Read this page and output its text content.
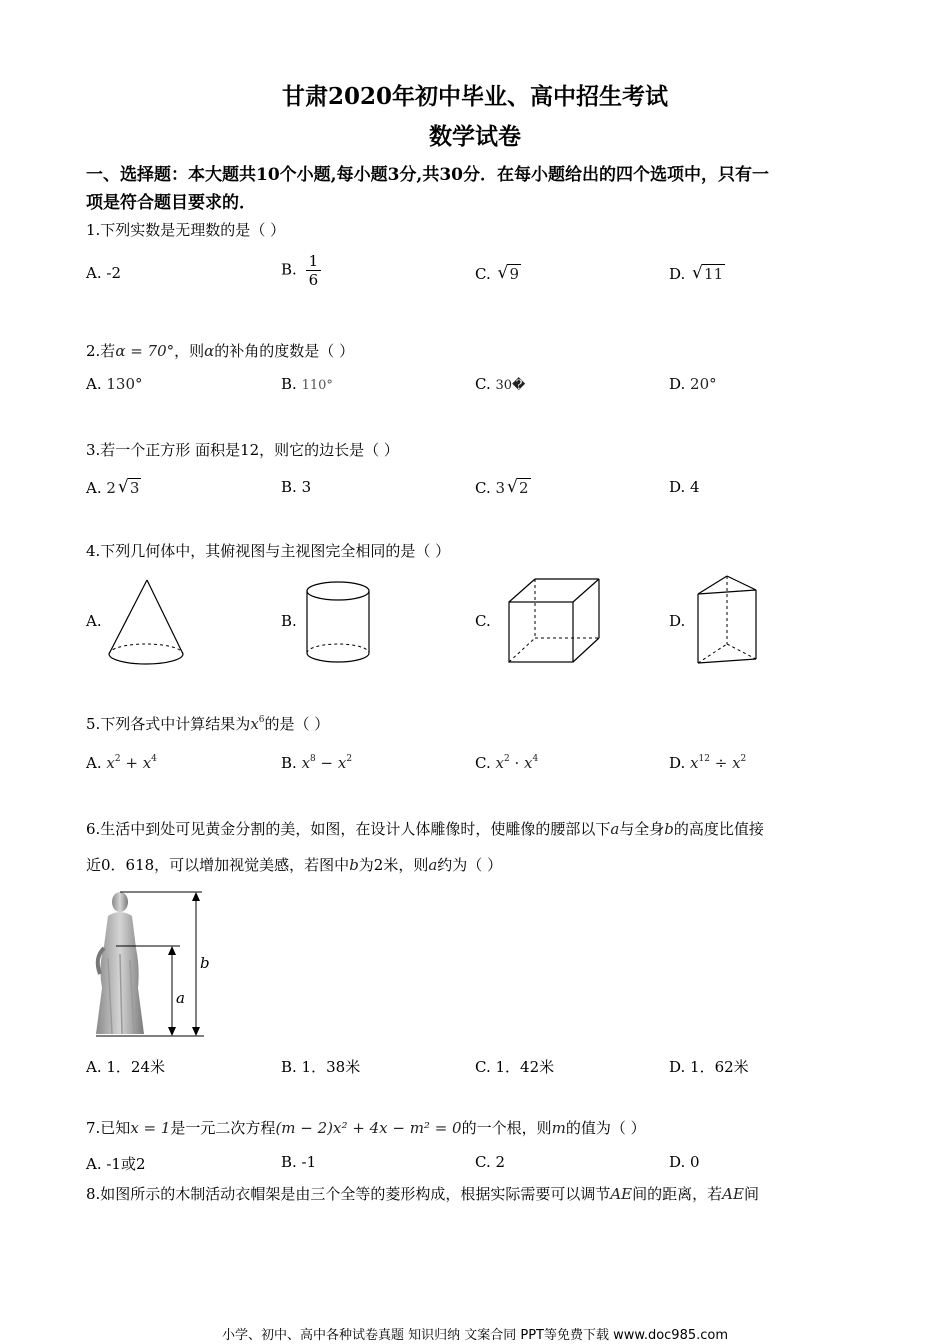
甘肃2020年初中毕业、高中招生考试
数学试卷
一、选择题：本大题共10个小题,每小题3分,共30分．在每小题给出的四个选项中，只有一
项是符合题目要求的．
1.下列实数是无理数的是（ ）
A. -2	B. $\frac{1}{6}$	C. √ 9	D. √ 11
2.若α = 70°，则α的补角的度数是（ ）
A. 130°	B. 110°	C. 30�	D. 20°
3.若一个正方形 面积是12，则它的边长是（ ）
A. 2 √ 3	B. 3	C. 3 √ 2	D. 4
4.下列几何体中，其俯视图与主视图完全相同的是（ ）
A.	B.	C.	D.
5.下列各式中计算结果为$x^6$的是（ ）
A. $x^2 + x^4$	B. $x^8 - x^2$	C. $x^2 \cdot x^4$	D. $x^{12} \div x^2$
6.生活中到处可见黄金分割的美，如图，在设计人体雕像时，使雕像的腰部以下a与全身b的高度比值接
近0．618，可以增加视觉美感，若图中b为2米，则a约为（ ）
b
a
A. 1．24米	B. 1．38米	C. 1．42米	D. 1．62米
7.已知x = 1是一元二次方程(m − 2)x² + 4x − m² = 0的一个根，则m的值为（ ）
A. -1或2	B. -1	C. 2	D. 0
8.如图所示的木制活动衣帽架是由三个全等的菱形构成，根据实际需要可以调节AE间的距离，若AE间
小学、初中、高中各种试卷真题 知识归纳 文案合同 PPT等免费下载 www.doc985.com
